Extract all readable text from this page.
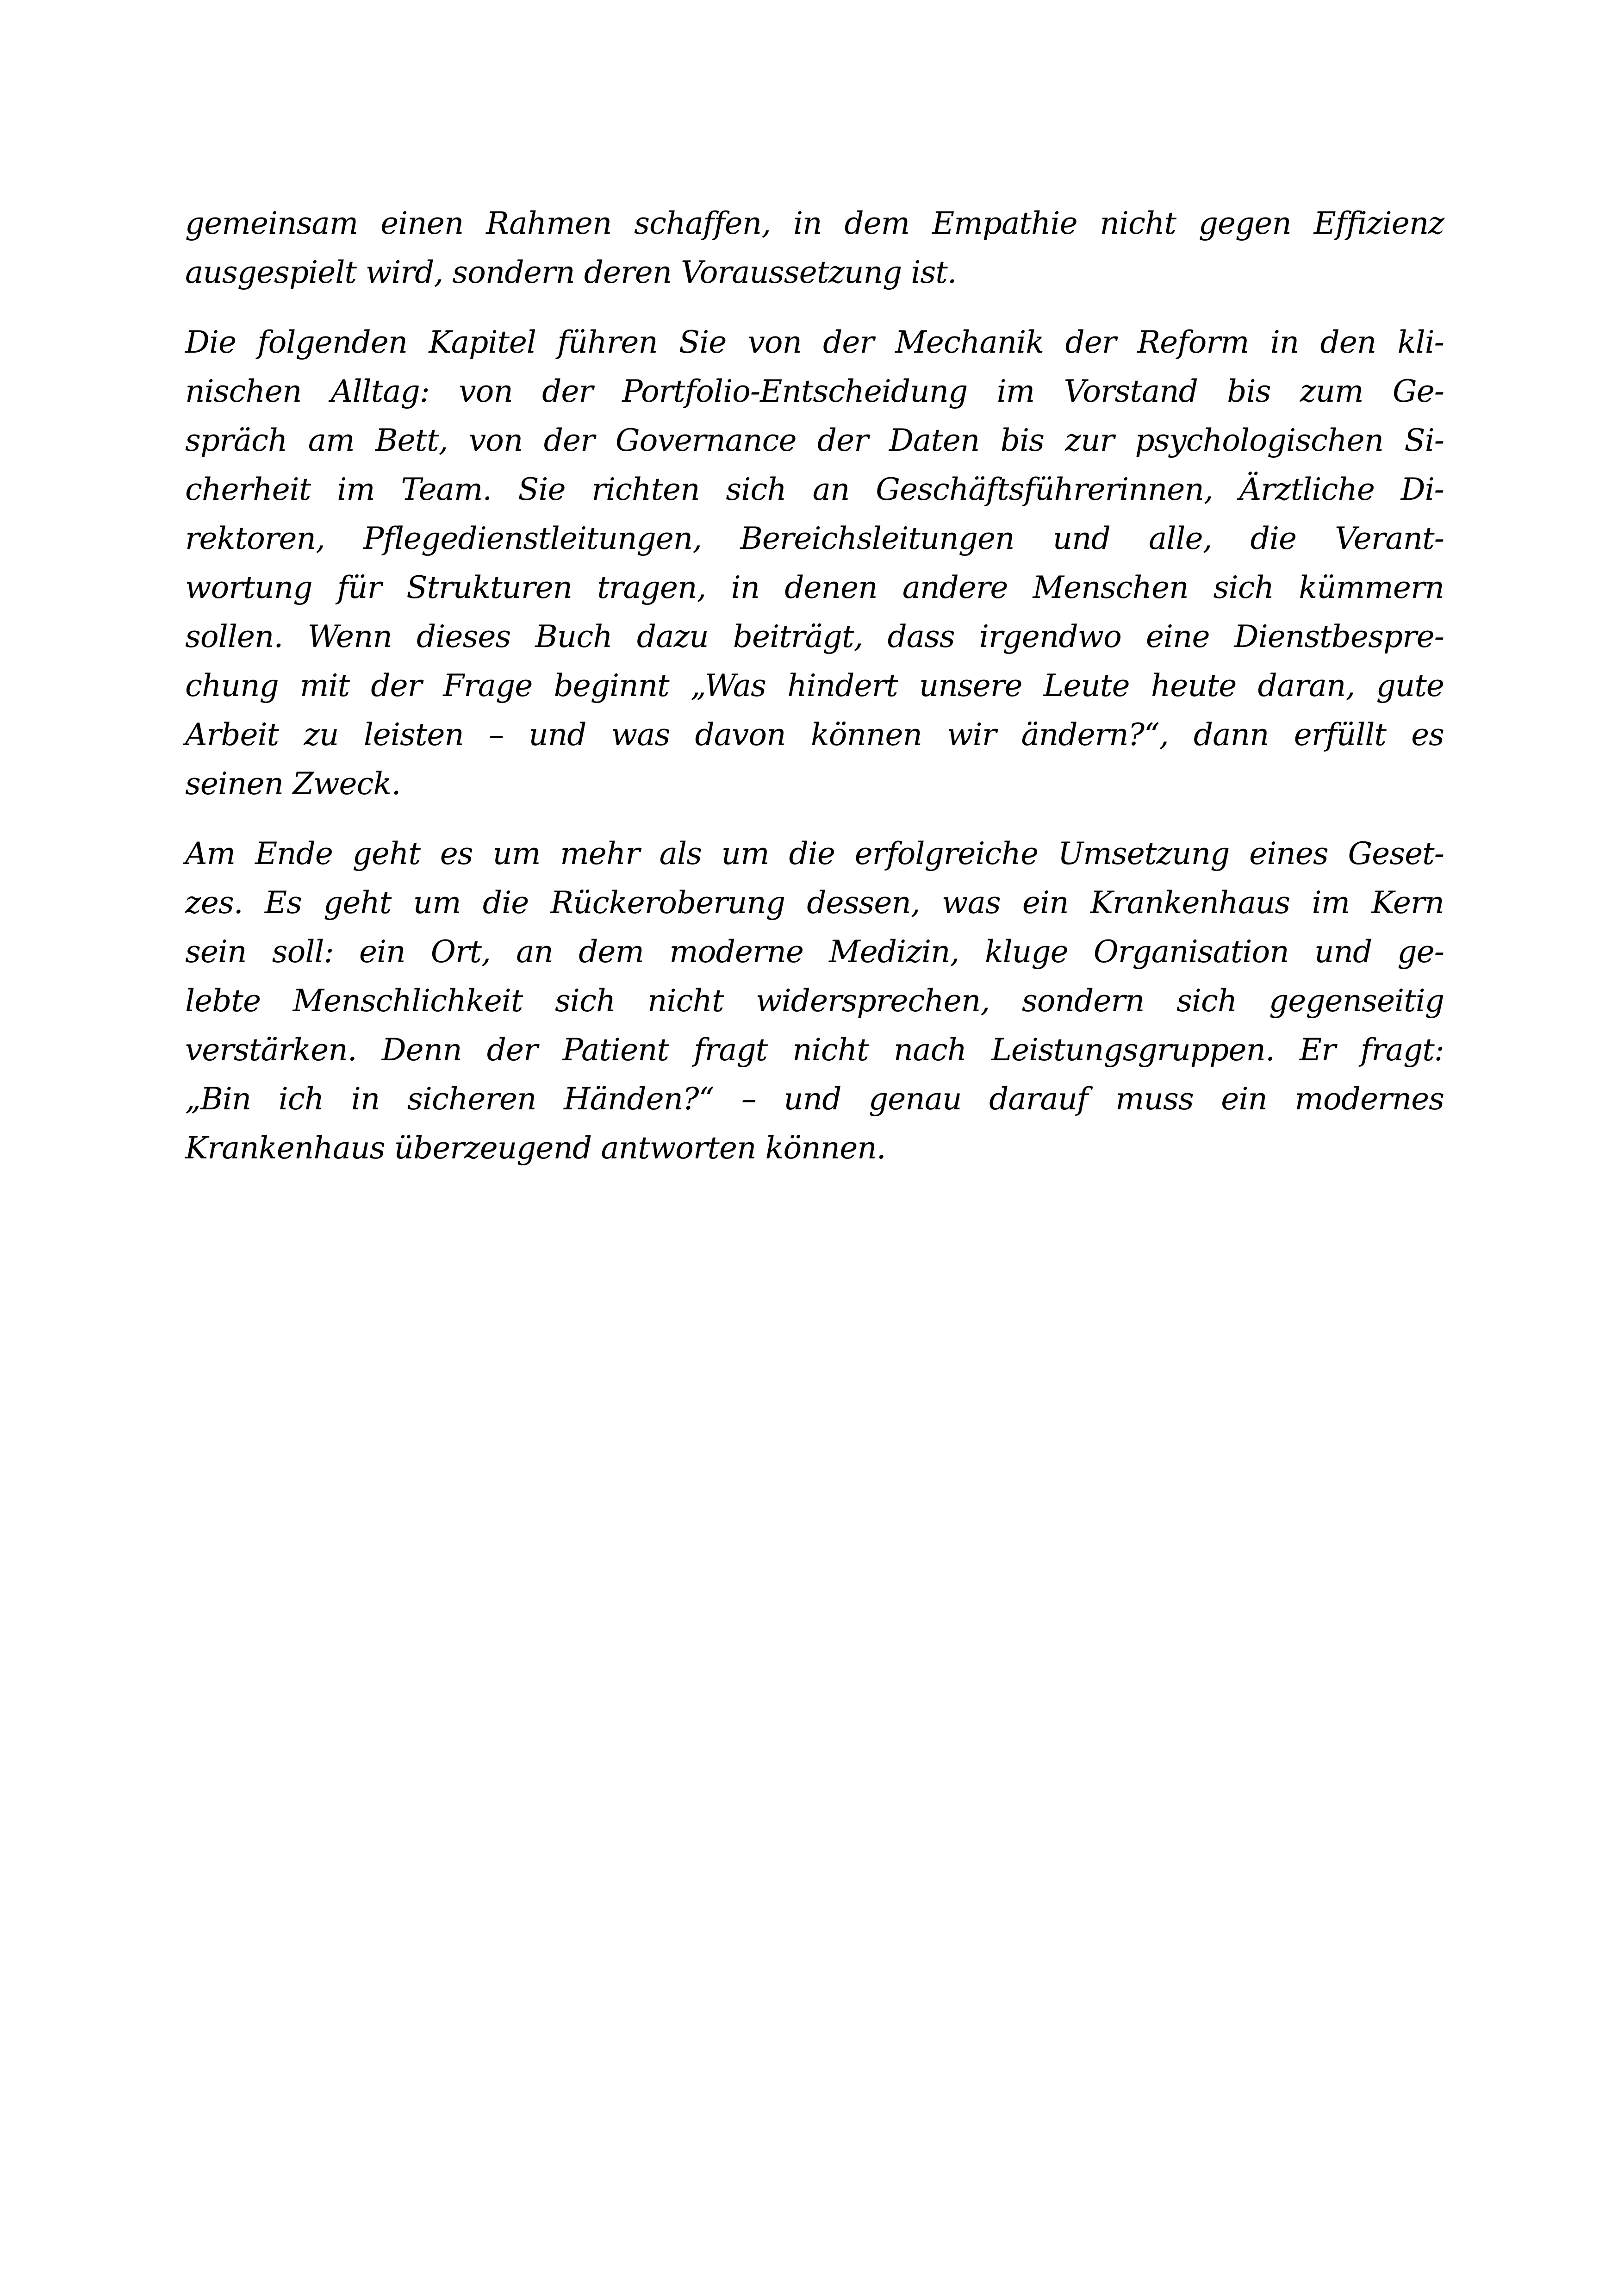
gemeinsam einen Rahmen schaffen, in dem Empathie nicht gegen Effizienz
ausgespielt wird, sondern deren Voraussetzung ist.

Die folgenden Kapitel führen Sie von der Mechanik der Reform in den kli-
nischen Alltag: von der Portfolio-Entscheidung im Vorstand bis zum Ge-
spräch am Bett, von der Governance der Daten bis zur psychologischen Si-
cherheit im Team. Sie richten sich an Geschäftsführerinnen, Ärztliche Di-
rektoren, Pflegedienstleitungen, Bereichsleitungen und alle, die Verant-
wortung für Strukturen tragen, in denen andere Menschen sich kümmern
sollen. Wenn dieses Buch dazu beiträgt, dass irgendwo eine Dienstbespre-
chung mit der Frage beginnt „Was hindert unsere Leute heute daran, gute
Arbeit zu leisten – und was davon können wir ändern?“, dann erfüllt es
seinen Zweck.

Am Ende geht es um mehr als um die erfolgreiche Umsetzung eines Geset-
zes. Es geht um die Rückeroberung dessen, was ein Krankenhaus im Kern
sein soll: ein Ort, an dem moderne Medizin, kluge Organisation und ge-
lebte Menschlichkeit sich nicht widersprechen, sondern sich gegenseitig
verstärken. Denn der Patient fragt nicht nach Leistungsgruppen. Er fragt:
„Bin ich in sicheren Händen?“ – und genau darauf muss ein modernes
Krankenhaus überzeugend antworten können.
